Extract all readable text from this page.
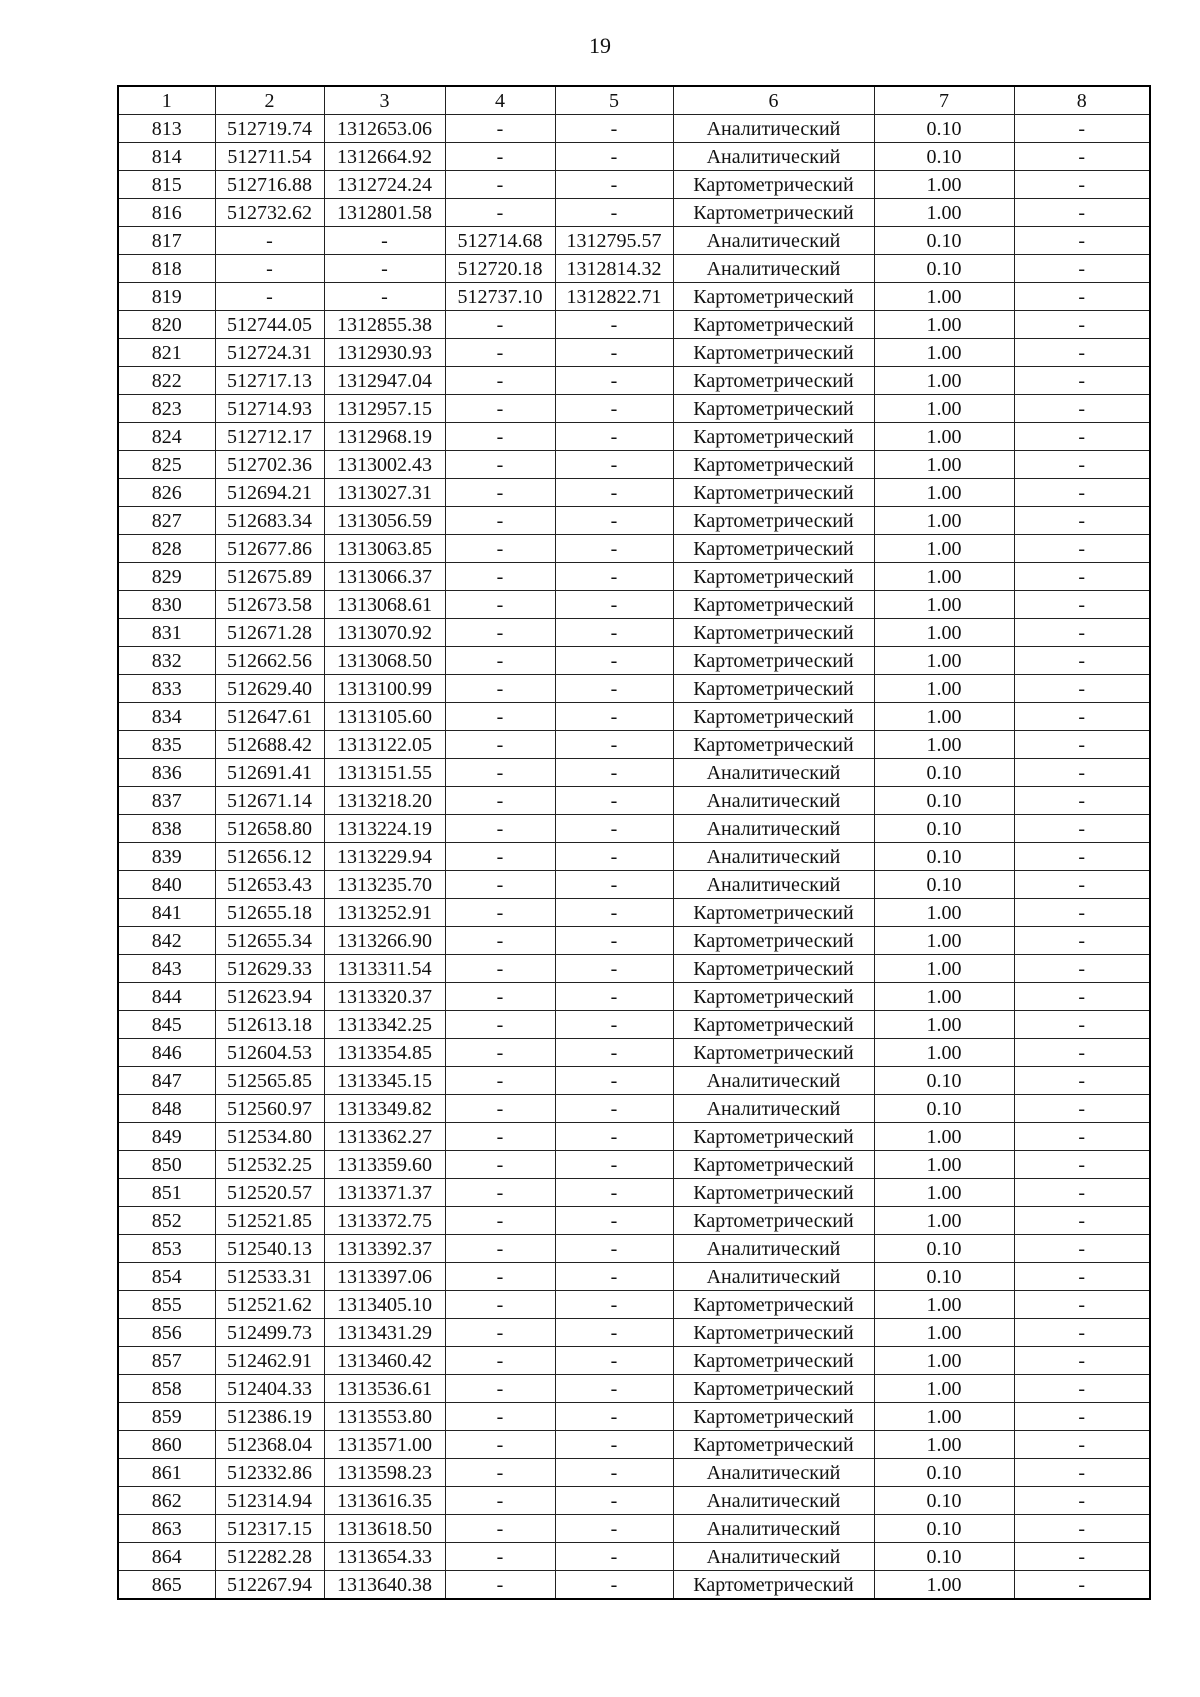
19
1	2	3	4	5	6	7	8
813	512719.74	1312653.06	-	-	Аналитический	0.10	-
814	512711.54	1312664.92	-	-	Аналитический	0.10	-
815	512716.88	1312724.24	-	-	Картометрический	1.00	-
816	512732.62	1312801.58	-	-	Картометрический	1.00	-
817	-	-	512714.68	1312795.57	Аналитический	0.10	-
818	-	-	512720.18	1312814.32	Аналитический	0.10	-
819	-	-	512737.10	1312822.71	Картометрический	1.00	-
820	512744.05	1312855.38	-	-	Картометрический	1.00	-
821	512724.31	1312930.93	-	-	Картометрический	1.00	-
822	512717.13	1312947.04	-	-	Картометрический	1.00	-
823	512714.93	1312957.15	-	-	Картометрический	1.00	-
824	512712.17	1312968.19	-	-	Картометрический	1.00	-
825	512702.36	1313002.43	-	-	Картометрический	1.00	-
826	512694.21	1313027.31	-	-	Картометрический	1.00	-
827	512683.34	1313056.59	-	-	Картометрический	1.00	-
828	512677.86	1313063.85	-	-	Картометрический	1.00	-
829	512675.89	1313066.37	-	-	Картометрический	1.00	-
830	512673.58	1313068.61	-	-	Картометрический	1.00	-
831	512671.28	1313070.92	-	-	Картометрический	1.00	-
832	512662.56	1313068.50	-	-	Картометрический	1.00	-
833	512629.40	1313100.99	-	-	Картометрический	1.00	-
834	512647.61	1313105.60	-	-	Картометрический	1.00	-
835	512688.42	1313122.05	-	-	Картометрический	1.00	-
836	512691.41	1313151.55	-	-	Аналитический	0.10	-
837	512671.14	1313218.20	-	-	Аналитический	0.10	-
838	512658.80	1313224.19	-	-	Аналитический	0.10	-
839	512656.12	1313229.94	-	-	Аналитический	0.10	-
840	512653.43	1313235.70	-	-	Аналитический	0.10	-
841	512655.18	1313252.91	-	-	Картометрический	1.00	-
842	512655.34	1313266.90	-	-	Картометрический	1.00	-
843	512629.33	1313311.54	-	-	Картометрический	1.00	-
844	512623.94	1313320.37	-	-	Картометрический	1.00	-
845	512613.18	1313342.25	-	-	Картометрический	1.00	-
846	512604.53	1313354.85	-	-	Картометрический	1.00	-
847	512565.85	1313345.15	-	-	Аналитический	0.10	-
848	512560.97	1313349.82	-	-	Аналитический	0.10	-
849	512534.80	1313362.27	-	-	Картометрический	1.00	-
850	512532.25	1313359.60	-	-	Картометрический	1.00	-
851	512520.57	1313371.37	-	-	Картометрический	1.00	-
852	512521.85	1313372.75	-	-	Картометрический	1.00	-
853	512540.13	1313392.37	-	-	Аналитический	0.10	-
854	512533.31	1313397.06	-	-	Аналитический	0.10	-
855	512521.62	1313405.10	-	-	Картометрический	1.00	-
856	512499.73	1313431.29	-	-	Картометрический	1.00	-
857	512462.91	1313460.42	-	-	Картометрический	1.00	-
858	512404.33	1313536.61	-	-	Картометрический	1.00	-
859	512386.19	1313553.80	-	-	Картометрический	1.00	-
860	512368.04	1313571.00	-	-	Картометрический	1.00	-
861	512332.86	1313598.23	-	-	Аналитический	0.10	-
862	512314.94	1313616.35	-	-	Аналитический	0.10	-
863	512317.15	1313618.50	-	-	Аналитический	0.10	-
864	512282.28	1313654.33	-	-	Аналитический	0.10	-
865	512267.94	1313640.38	-	-	Картометрический	1.00	-
